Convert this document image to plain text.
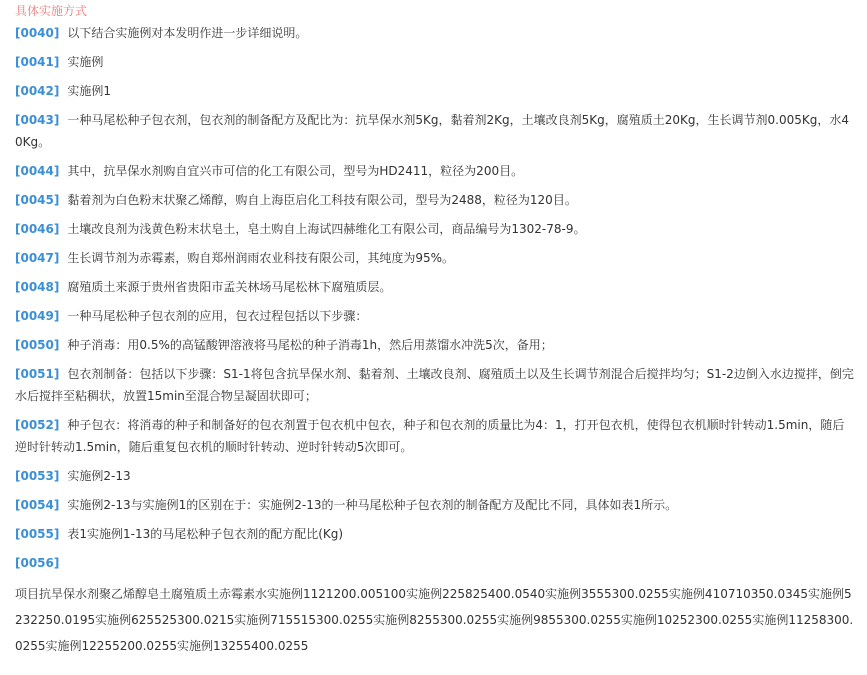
具体实施方式
[0040] 以下结合实施例对本发明作进一步详细说明。
[0041] 实施例
[0042] 实施例1
[0043] 一种马尾松种子包衣剂，包衣剂的制备配方及配比为：抗旱保水剂5Kg，黏着剂2Kg，土壤改良剂5Kg，腐殖质土20Kg，生长调节剂0.005Kg，水40Kg。
[0044] 其中，抗旱保水剂购自宜兴市可信的化工有限公司，型号为HD2411，粒径为200目。
[0045] 黏着剂为白色粉末状聚乙烯醇，购自上海臣启化工科技有限公司，型号为2488，粒径为120目。
[0046] 土壤改良剂为浅黄色粉末状皂土，皂土购自上海试四赫维化工有限公司，商品编号为1302-78-9。
[0047] 生长调节剂为赤霉素，购自郑州润雨农业科技有限公司，其纯度为95%。
[0048] 腐殖质土来源于贵州省贵阳市孟关林场马尾松林下腐殖质层。
[0049] 一种马尾松种子包衣剂的应用，包衣过程包括以下步骤：
[0050] 种子消毒：用0.5%的高锰酸钾溶液将马尾松的种子消毒1h，然后用蒸馏水冲洗5次，备用；
[0051] 包衣剂制备：包括以下步骤：S1-1将包含抗旱保水剂、黏着剂、土壤改良剂、腐殖质土以及生长调节剂混合后搅拌均匀；S1-2边倒入水边搅拌，倒完水后搅拌至粘稠状，放置15min至混合物呈凝固状即可；
[0052] 种子包衣：将消毒的种子和制备好的包衣剂置于包衣机中包衣，种子和包衣剂的质量比为4：1，打开包衣机，使得包衣机顺时针转动1.5min，随后逆时针转动1.5min，随后重复包衣机的顺时针转动、逆时针转动5次即可。
[0053] 实施例2-13
[0054] 实施例2-13与实施例1的区别在于：实施例2-13的一种马尾松种子包衣剂的制备配方及配比不同，具体如表1所示。
[0055] 表1实施例1-13的马尾松种子包衣剂的配方配比(Kg)
[0056]
项目抗旱保水剂聚乙烯醇皂土腐殖质土赤霉素水实施例1121200.005100实施例225825400.0540实施例3555300.0255实施例410710350.0345实施例5232250.0195实施例625525300.0215实施例715515300.0255实施例8255300.0255实施例9855300.0255实施例10252300.0255实施例11258300.0255实施例12255200.0255实施例13255400.0255
